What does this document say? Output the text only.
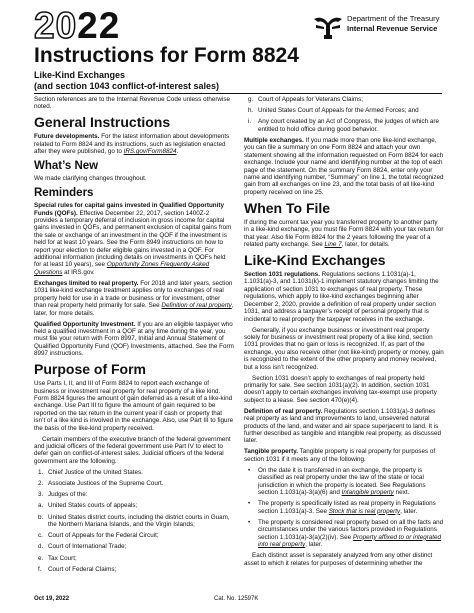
2022	Department of the Treasury
Internal Revenue Service
Instructions for Form 8824
Like-Kind Exchanges
(and section 1043 conflict-of-interest sales)

Section references are to the Internal Revenue Code unless otherwise noted.

General Instructions

Future developments. For the latest information about developments related to Form 8824 and its instructions, such as legislation enacted after they were published, go to IRS.gov/Form8824.

What’s New

We made clarifying changes throughout.

Reminders

Special rules for capital gains invested in Qualified Opportunity Funds (QOFs). Effective December 22, 2017, section 1400Z-2 provides a temporary deferral of inclusion in gross income for capital gains invested in QOFs, and permanent exclusion of capital gains from the sale or exchange of an investment in the QOF if the investment is held for at least 10 years. See the Form 8949 instructions on how to report your election to defer eligible gains invested in a QOF. For additional information (including details on investments in QOFs held for at least 10 years), see Opportunity Zones Frequently Asked Questions at IRS.gov.

Exchanges limited to real property. For 2018 and later years, section 1031 like-kind exchange treatment applies only to exchanges of real property held for use in a trade or business or for investment, other than real property held primarily for sale. See Definition of real property, later, for more details.

Qualified Opportunity Investment. If you are an eligible taxpayer who held a qualified investment in a QOF at any time during the year, you must file your return with Form 8997, Initial and Annual Statement of Qualified Opportunity Fund (QOF) Investments, attached. See the Form 8997 instructions.

Purpose of Form

Use Parts I, II, and III of Form 8824 to report each exchange of business or investment real property for real property of a like kind. Form 8824 figures the amount of gain deferred as a result of a like-kind exchange. Use Part III to figure the amount of gain required to be reported on the tax return in the current year if cash or property that isn’t of a like kind is involved in the exchange. Also, use Part III to figure the basis of the like-kind property received.

Certain members of the executive branch of the federal government and judicial officers of the federal government use Part IV to elect to defer gain on conflict-of-interest sales. Judicial officers of the federal government are the following.

1. Chief Justice of the United States.
2. Associate Justices of the Supreme Court.
3. Judges of the:
a. United States courts of appeals;
b. United States district courts, including the district courts in Guam, the Northern Mariana Islands, and the Virgin Islands;
c. Court of Appeals for the Federal Circuit;
d. Court of International Trade;
e. Tax Court;
f.	Court of Federal Claims;
g. Court of Appeals for Veterans Claims;
h. United States Court of Appeals for the Armed Forces; and
i.	Any court created by an Act of Congress, the judges of which are entitled to hold office during good behavior.

Multiple exchanges. If you made more than one like-kind exchange, you can file a summary on one Form 8824 and attach your own statement showing all the information requested on Form 8824 for each exchange. Include your name and identifying number at the top of each page of the statement. On the summary Form 8824, enter only your name and identifying number, “Summary” on line 1, the total recognized gain from all exchanges on line 23, and the total basis of all like-kind property received on line 25.

When To File

If during the current tax year you transferred property to another party in a like-kind exchange, you must file Form 8824 with your tax return for that year. Also file Form 8824 for the 2 years following the year of a related party exchange. See Line 7, later, for details.

Like-Kind Exchanges

Section 1031 regulations. Regulations sections 1.1031(a)-1, 1.1031(a)-3, and 1.1031(k)-1 implement statutory changes limiting the application of section 1031 to exchanges of real property. These regulations, which apply to like-kind exchanges beginning after December 2, 2020, provide a definition of real property under section 1031, and address a taxpayer’s receipt of personal property that is incidental to real property the taxpayer receives in the exchange.

Generally, if you exchange business or investment real property solely for business or investment real property of a like kind, section 1031 provides that no gain or loss is recognized. If, as part of the exchange, you also receive other (not like-kind) property or money, gain is recognized to the extent of the other property and money received, but a loss isn’t recognized.

Section 1031 doesn’t apply to exchanges of real property held primarily for sale. See section 1031(a)(2). In addition, section 1031 doesn’t apply to certain exchanges involving tax-exempt use property subject to a lease. See section 470(e)(4).

Definition of real property. Regulations section 1.1031(a)-3 defines real property as land and improvements to land, unsevered natural products of the land, and water and air space superjacent to land. It is further described as tangible and intangible real property, as discussed later.

Tangible property. Tangible property is real property for purposes of section 1031 if it meets any of the following.

•	On the date it is transferred in an exchange, the property is classified as real property under the law of the state or local jurisdiction in which the property is located. See Regulations section 1.1031(a)-3(a)(6) and Intangible property next.
•	The property is specifically listed as real property in Regulations section 1.1031(a)-3. See Stock that is real property, later.
•	The property is considered real property based on all the facts and circumstances under the various factors provided in Regulations section 1.1031(a)-3(a)(2)(iv). See Property affixed to or integrated into real property, later.

Each distinct asset is separately analyzed from any other distinct asset to which it relates for purposes of determining whether the

Oct 19, 2022	Cat. No. 12597K
